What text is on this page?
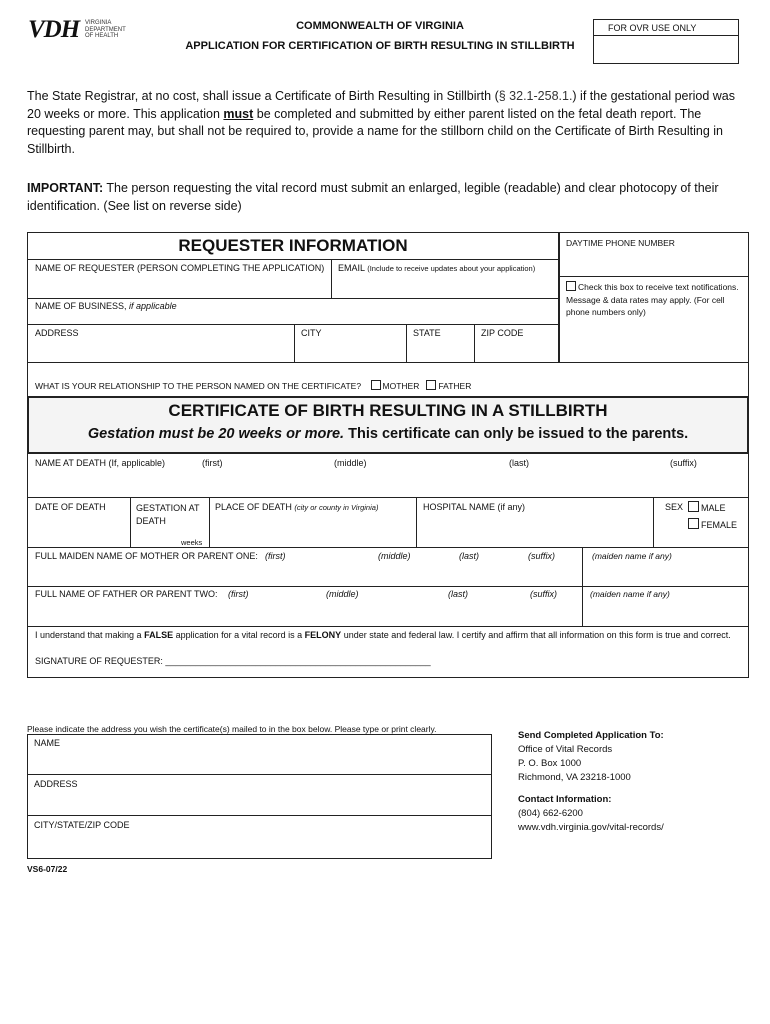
VDH VIRGINIA
DEPARTMENT
OF HEALTH
COMMONWEALTH OF VIRGINIA
APPLICATION FOR CERTIFICATION OF BIRTH RESULTING IN STILLBIRTH
FOR OVR USE ONLY
The State Registrar, at no cost, shall issue a Certificate of Birth Resulting in Stillbirth (§ 32.1-258.1.) if the gestational period was 20 weeks or more. This application must be completed and submitted by either parent listed on the fetal death report. The requesting parent may, but shall not be required to, provide a name for the stillborn child on the Certificate of Birth Resulting in Stillbirth.
IMPORTANT: The person requesting the vital record must submit an enlarged, legible (readable) and clear photocopy of their identification. (See list on reverse side)
REQUESTER INFORMATION
NAME OF REQUESTER (PERSON COMPLETING THE APPLICATION) EMAIL (Include to receive updates about your application)
NAME OF BUSINESS, if applicable
ADDRESS	CITY	STATE	ZIP CODE
DAYTIME PHONE NUMBER
Check this box to receive text notifications. Message & data rates may apply. (For cell phone numbers only)
WHAT IS YOUR RELATIONSHIP TO THE PERSON NAMED ON THE CERTIFICATE?	MOTHER FATHER
CERTIFICATE OF BIRTH RESULTING IN A STILLBIRTH
Gestation must be 20 weeks or more. This certificate can only be issued to the parents.
NAME AT DEATH (If, applicable)	(first)	(middle)	(last)	(suffix)
DATE OF DEATH	GESTATION AT DEATH
weeks
PLACE OF DEATH (city or county in Virginia)	HOSPITAL NAME (if any)	SEX	MALE
FEMALE
FULL MAIDEN NAME OF MOTHER OR PARENT ONE: (first)	(middle)	(last)	(suffix)	(maiden name if any)
FULL NAME OF FATHER OR PARENT TWO: (first)	(middle)	(last)	(suffix)	(maiden name if any)
I understand that making a FALSE application for a vital record is a FELONY under state and federal law. I certify and affirm that all information on this form is true and correct.
SIGNATURE OF REQUESTER: _____________________________________________________
Please indicate the address you wish the certificate(s) mailed to in the box below. Please type or print clearly.
NAME
ADDRESS
CITY/STATE/ZIP CODE
Send Completed Application To:
Office of Vital Records
P. O. Box 1000
Richmond, VA 23218-1000
Contact Information:
(804) 662-6200
www.vdh.virginia.gov/vital-records/
VS6-07/22
